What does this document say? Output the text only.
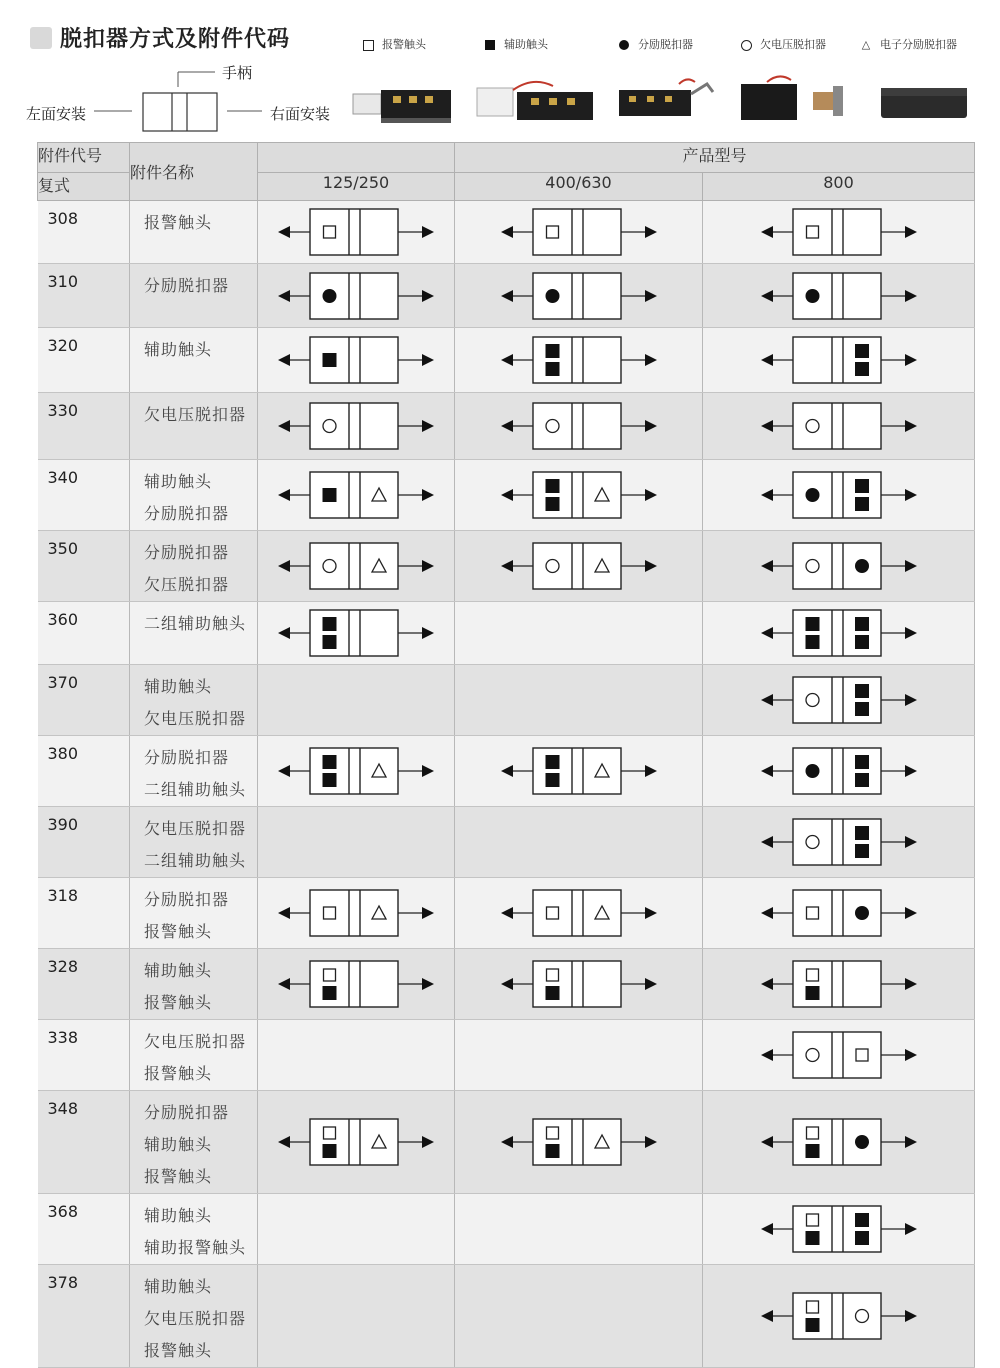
脱扣器方式及附件代码	报警触头	辅助触头	分励脱扣器	欠电压脱扣器	△ 电子分励脱扣器
左面安装
手柄
右面安装
附件代号	附件名称		产品型号	
复式		125/250	400/630	800
308	报警触头

310	分励脱扣器

320	辅助触头

330	欠电压脱扣器

340	辅助触头
分励脱扣器

350	分励脱扣器
欠压脱扣器

360	二组辅助触头

370	辅助触头
欠电压脱扣器

380	分励脱扣器
二组辅助触头

390	欠电压脱扣器
二组辅助触头

318	分励脱扣器
报警触头

328	辅助触头
报警触头

338	欠电压脱扣器
报警触头

348	分励脱扣器
辅助触头
报警触头

368	辅助触头
辅助报警触头

378	辅助触头
欠电压脱扣器
报警触头
